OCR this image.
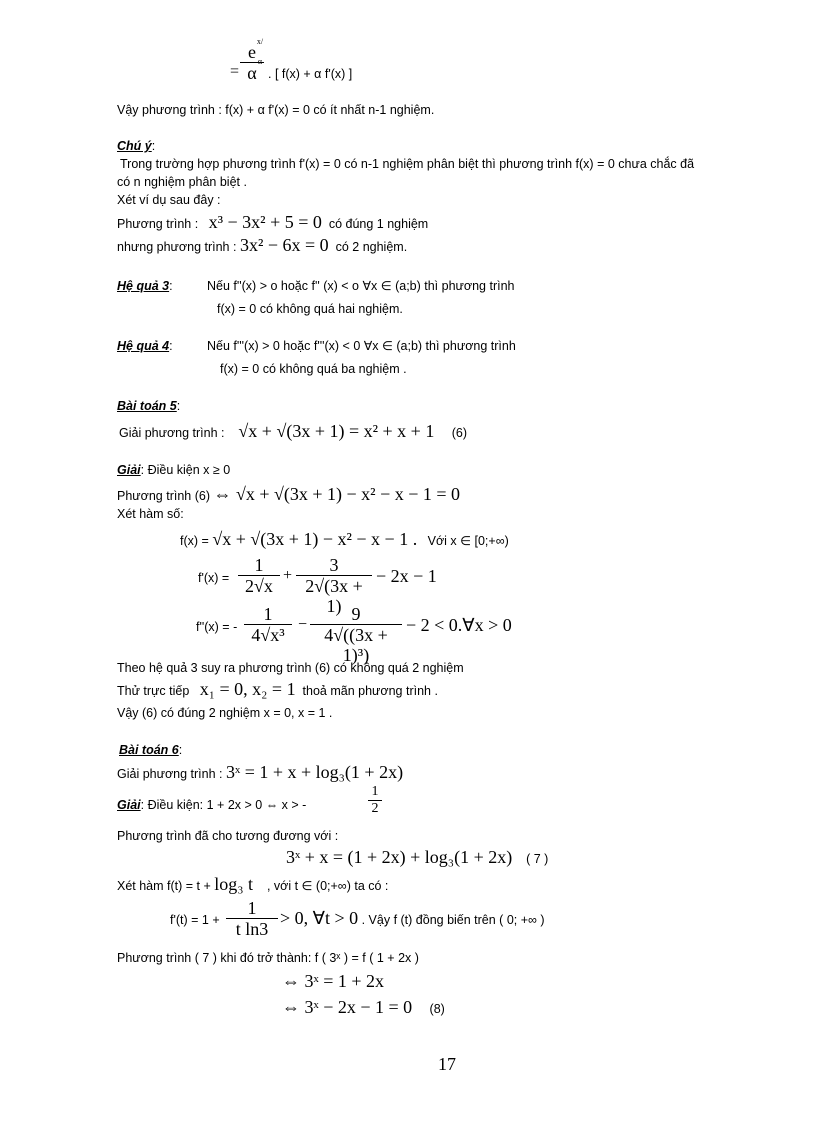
=
e
x/α
α . [ f(x) + α f'(x) ]
Vậy phương trình : f(x) + α f'(x) = 0 có ít nhất n-1 nghiệm.
Chú ý:
Trong trường hợp phương trình f'(x) = 0 có n-1 nghiệm phân biệt thì phương trình f(x) = 0 chưa chắc đã
có n nghiệm phân biệt .
Xét ví dụ sau đây :
Phương trình : x³ − 3x² + 5 = 0 có đúng 1 nghiệm
nhưng phương trình : 3x² − 6x = 0 có 2 nghiệm.
Hệ quả 3:	Nếu f''(x) > o hoặc f'' (x) < o ∀x ∈ (a;b) thì phương trình
f(x) = 0 có không quá hai nghiệm.
Hệ quả 4:	Nếu f'''(x) > 0 hoặc f'''(x) < 0 ∀x ∈ (a;b) thì phương trình
f(x) = 0 có không quá ba nghiệm .
Bài toán 5:
Giải phương trình : √x + √(3x + 1) = x² + x + 1 (6)
Giải: Điều kiện x ≥ 0
Phương trình (6) ⇔ √x + √(3x + 1) − x² − x − 1 = 0
Xét hàm số:
f(x) = √x + √(3x + 1) − x² − x − 1 . Với x ∈ [0;+∞)
f'(x) =
1
2√x
+
3
2√(3x + 1)
− 2x − 1
f''(x) = -
1
4√x³
−
9
4√((3x + 1)³)
− 2 < 0.∀x > 0
Theo hệ quả 3 suy ra phương trình (6) có không quá 2 nghiệm
Thử trực tiếp x₁ = 0, x₂ = 1 thoả mãn phương trình .
Vậy (6) có đúng 2 nghiệm x = 0, x = 1 .
Bài toán 6:
Giải phương trình : 3ˣ = 1 + x + log₃(1 + 2x)
Giải: Điều kiện: 1 + 2x > 0 ⇔ x > -
1
2
Phương trình đã cho tương đương với :
3ˣ + x = (1 + 2x) + log₃(1 + 2x) ( 7 )
Xét hàm f(t) = t + log₃ t , với t ∈ (0;+∞) ta có :
f'(t) = 1 +
1
t ln3
> 0, ∀t > 0 . Vậy f (t) đồng biến trên ( 0; +∞ )
Phương trình ( 7 ) khi đó trở thành: f ( 3ˣ ) = f ( 1 + 2x )
⇔ 3ˣ = 1 + 2x
⇔ 3ˣ − 2x − 1 = 0 (8)
17
